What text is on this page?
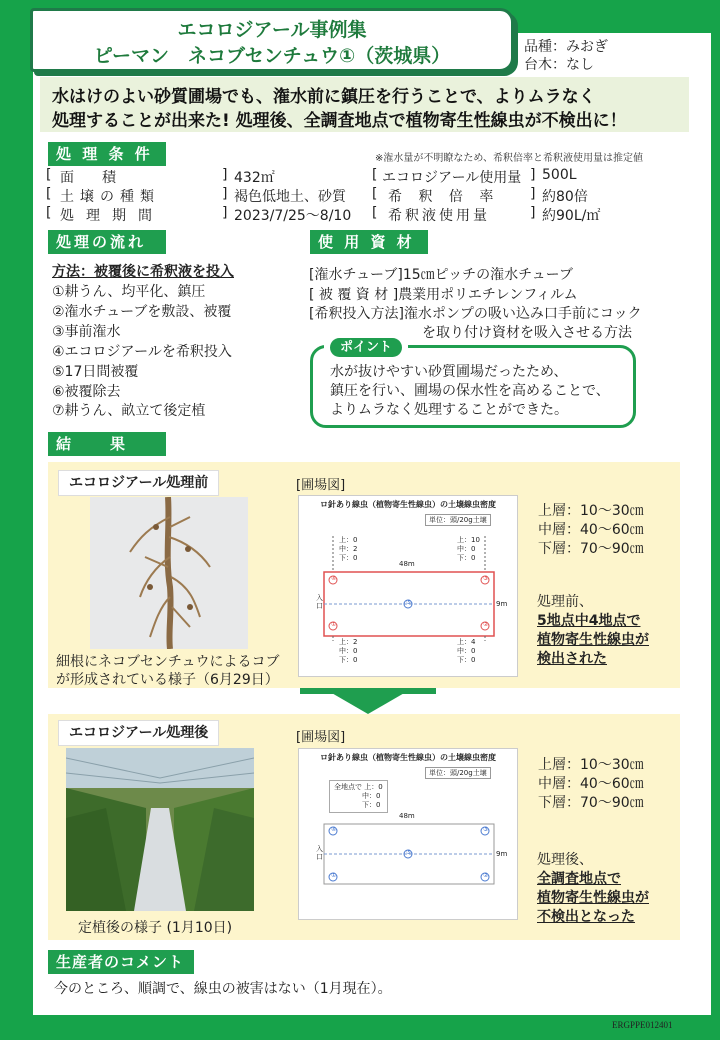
エコロジアール事例集
ピーマン　ネコブセンチュウ①（茨城県）	品種：みおぎ
台木：なし
水はけのよい砂質圃場でも、潅水前に鎮圧を行うことで、よりムラなく
処理することが出来た! 処理後、全調査地点で植物寄生性線虫が不検出に！
処 理 条 件	※潅水量が不明瞭なため、希釈倍率と希釈液使用量は推定値
[ 面　　積	] 432㎡	[ エコロジアール使用量 ] 500L
[ 土壌の種類	] 褐色低地土、砂質 [ 希 釈 倍 率 ] 約80倍
[ 処理期間	] 2023/7/25～8/10 [ 希釈液使用量	] 約90L/㎡
処理の流れ
方法：被覆後に希釈液を投入
①耕うん、均平化、鎮圧
②潅水チューブを敷設、被覆
③事前潅水
④エコロジアールを希釈投入
⑤17日間被覆
⑥被覆除去
⑦耕うん、畝立て後定植
使 用 資 材
[潅水チューブ]15㎝ピッチの潅水チューブ
[ 被 覆 資 材 ]農業用ポリエチレンフィルム
[希釈投入方法]潅水ポンプの吸い込み口手前にコック
を取り付け資材を吸入させる方法
ポイント
水が抜けやすい砂質圃場だったため、
鎮圧を行い、圃場の保水性を高めることで、
よりムラなく処理することができた。
結　　果
エコロジアール処理前	[圃場図]
細根にネコブセンチュウによるコブ
が形成されている様子（6月29日）
ロ針あり線虫（植物寄生性線虫）の土壌線虫密度
単位：頭/20g土壌
④	③
⑤
①	②
48m
9m
入口
上：0
中：2
下：0
上：10
中：0
下：0
上：2
中：0
下：0
上：4
中：0
下：0
上層：10～30㎝
中層：40～60㎝
下層：70～90㎝
処理前、
5地点中4地点で
植物寄生性線虫が
検出された
エコロジアール処理後	[圃場図]
定植後の様子 (1月10日)
ロ針あり線虫（植物寄生性線虫）の土壌線虫密度
単位：頭/20g土壌
④	③
⑤
①	②
48m
9m
入口
全地点で 上：0
中：0
下：0
上層：10～30㎝
中層：40～60㎝
下層：70～90㎝
処理後、
全調査地点で
植物寄生性線虫が
不検出となった
生産者のコメント
今のところ、順調で、線虫の被害はない（1月現在）。
ERGPPE012401
